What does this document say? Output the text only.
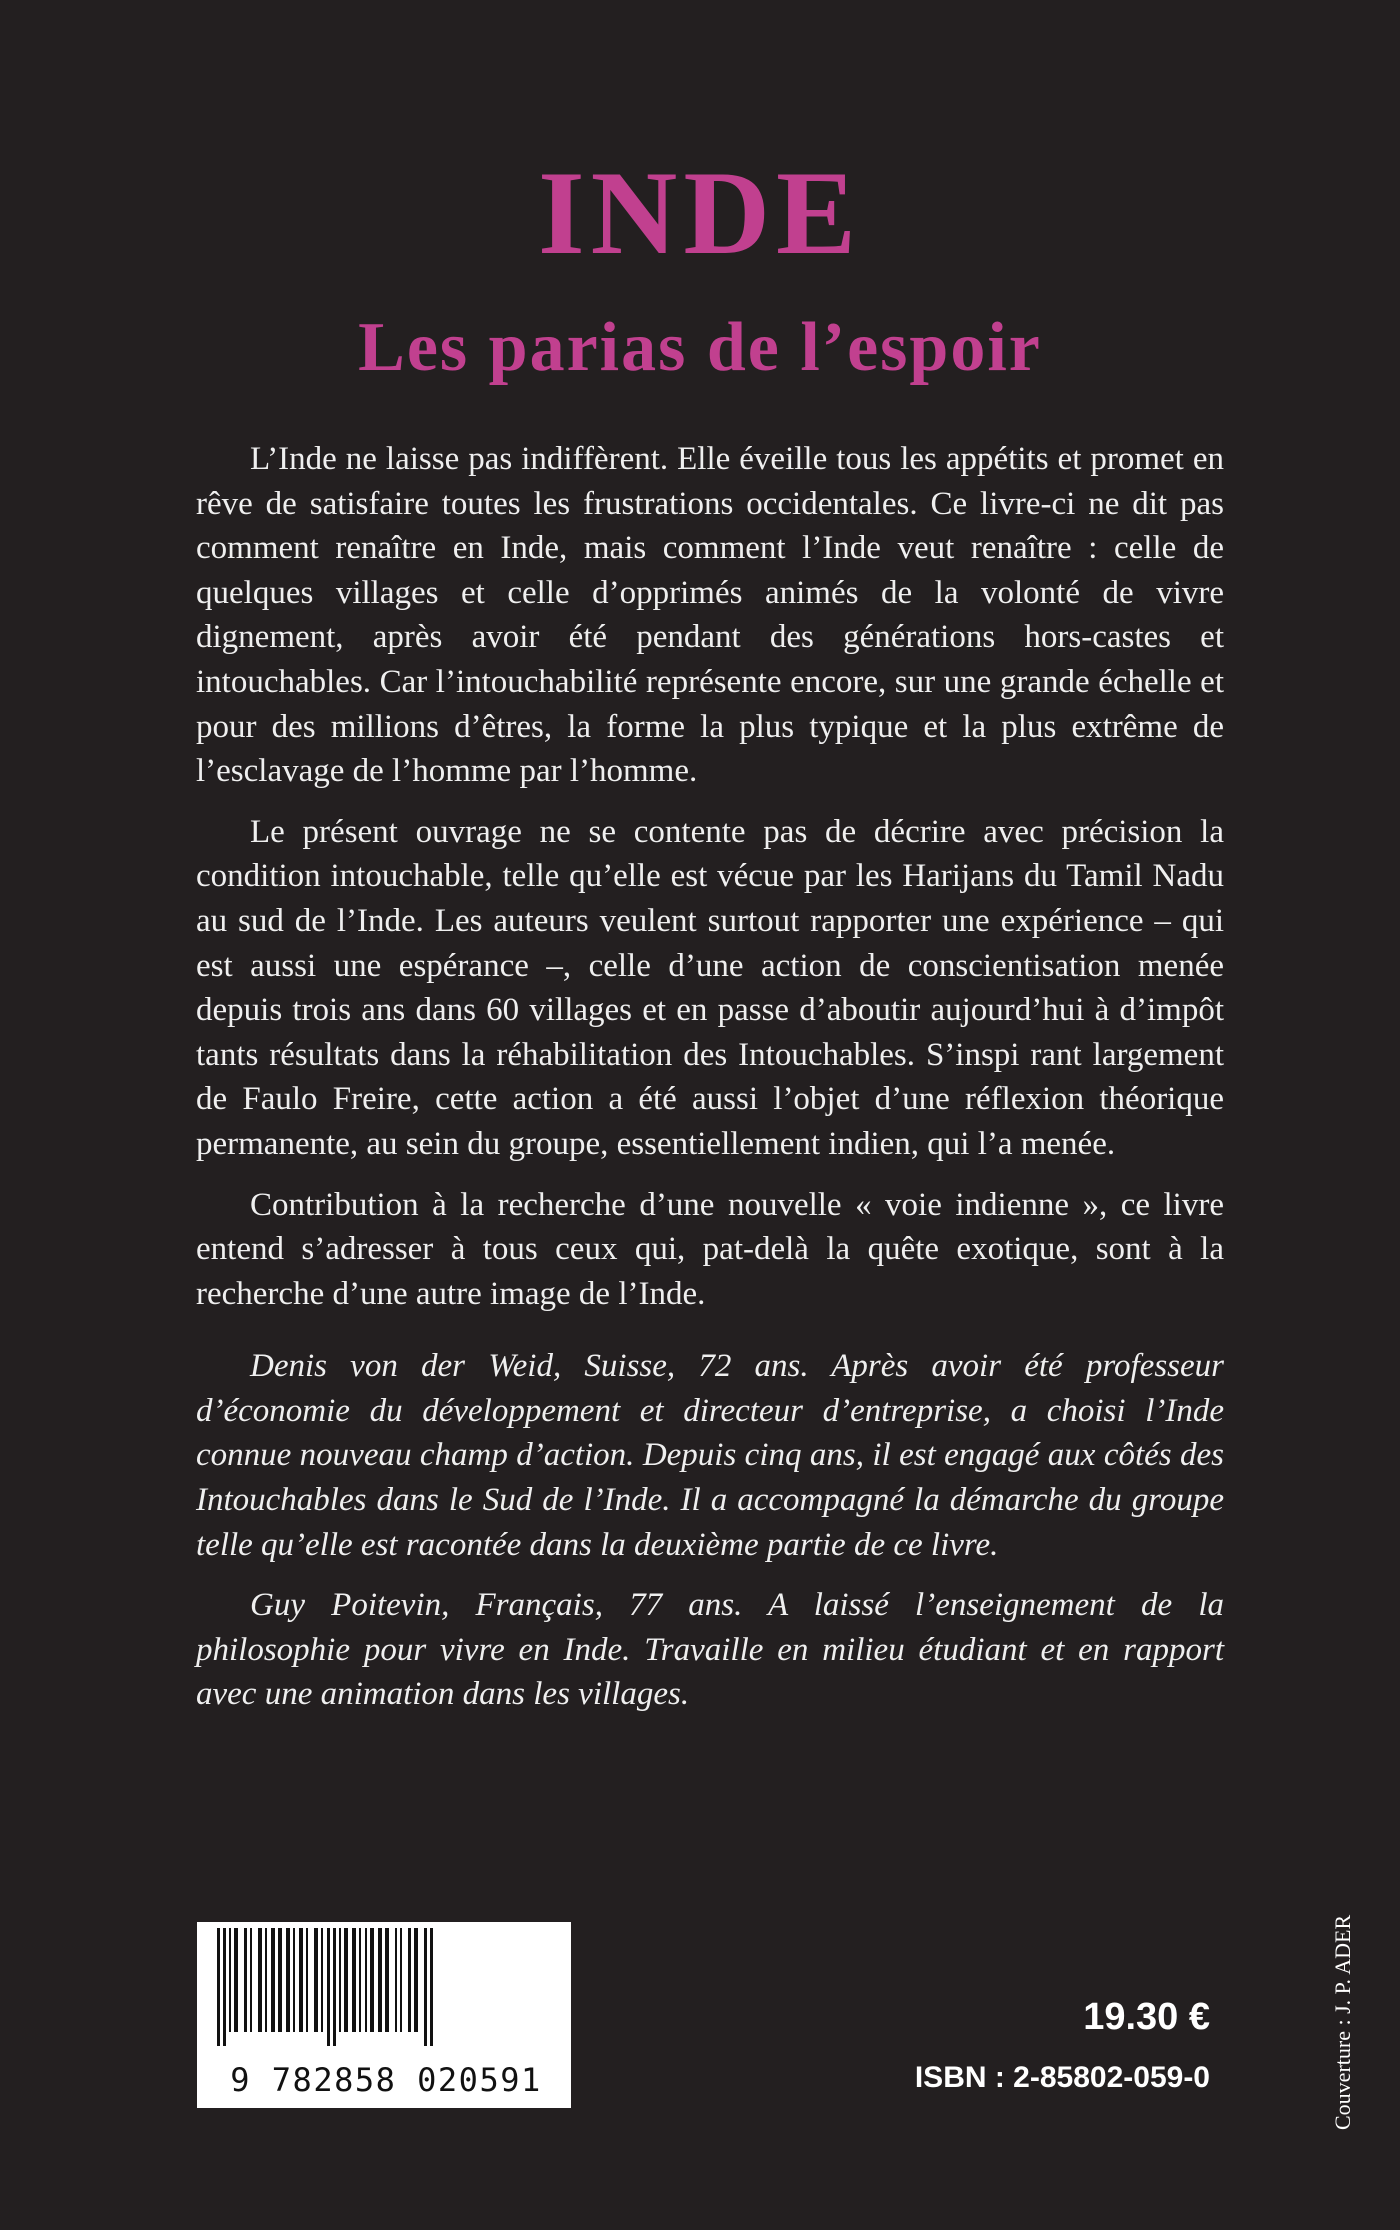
INDE
Les parias de l’espoir

L’Inde ne laisse pas indiffèrent. Elle éveille tous les appétits et promet en rêve de satisfaire toutes les frustrations occidentales. Ce livre-ci ne dit pas comment renaître en Inde, mais comment l’Inde veut renaître : celle de quelques villages et celle d’opprimés animés de la volonté de vivre dignement, après avoir été pendant des générations hors-castes et intouchables. Car l’intouchabilité représente encore, sur une grande échelle et pour des millions d’êtres, la forme la plus typique et la plus extrême de l’esclavage de l’homme par l’homme.

Le présent ouvrage ne se contente pas de décrire avec précision la condition intouchable, telle qu’elle est vécue par les Harijans du Tamil Nadu au sud de l’Inde. Les auteurs veulent surtout rapporter une expérience – qui est aussi une espérance –, celle d’une action de conscientisation menée depuis trois ans dans 60 villages et en passe d’aboutir aujourd’hui à d’impôt tants résultats dans la réhabilitation des Intouchables. S’inspi rant largement de Faulo Freire, cette action a été aussi l’objet d’une réflexion théorique permanente, au sein du groupe, essentiellement indien, qui l’a menée.

Contribution à la recherche d’une nouvelle « voie indienne », ce livre entend s’adresser à tous ceux qui, pat-delà la quête exotique, sont à la recherche d’une autre image de l’Inde.

Denis von der Weid, Suisse, 72 ans. Après avoir été professeur d’économie du développement et directeur d’entreprise, a choisi l’Inde connue nouveau champ d’action. Depuis cinq ans, il est engagé aux côtés des Intouchables dans le Sud de l’Inde. Il a accompagné la démarche du groupe telle qu’elle est racontée dans la deuxième partie de ce livre.

Guy Poitevin, Français, 77 ans. A laissé l’enseignement de la philosophie pour vivre en Inde. Travaille en milieu étudiant et en rapport avec une animation dans les villages.

9 782858 020591
19.30 €
ISBN : 2-85802-059-0	Couverture : J. P. ADER
